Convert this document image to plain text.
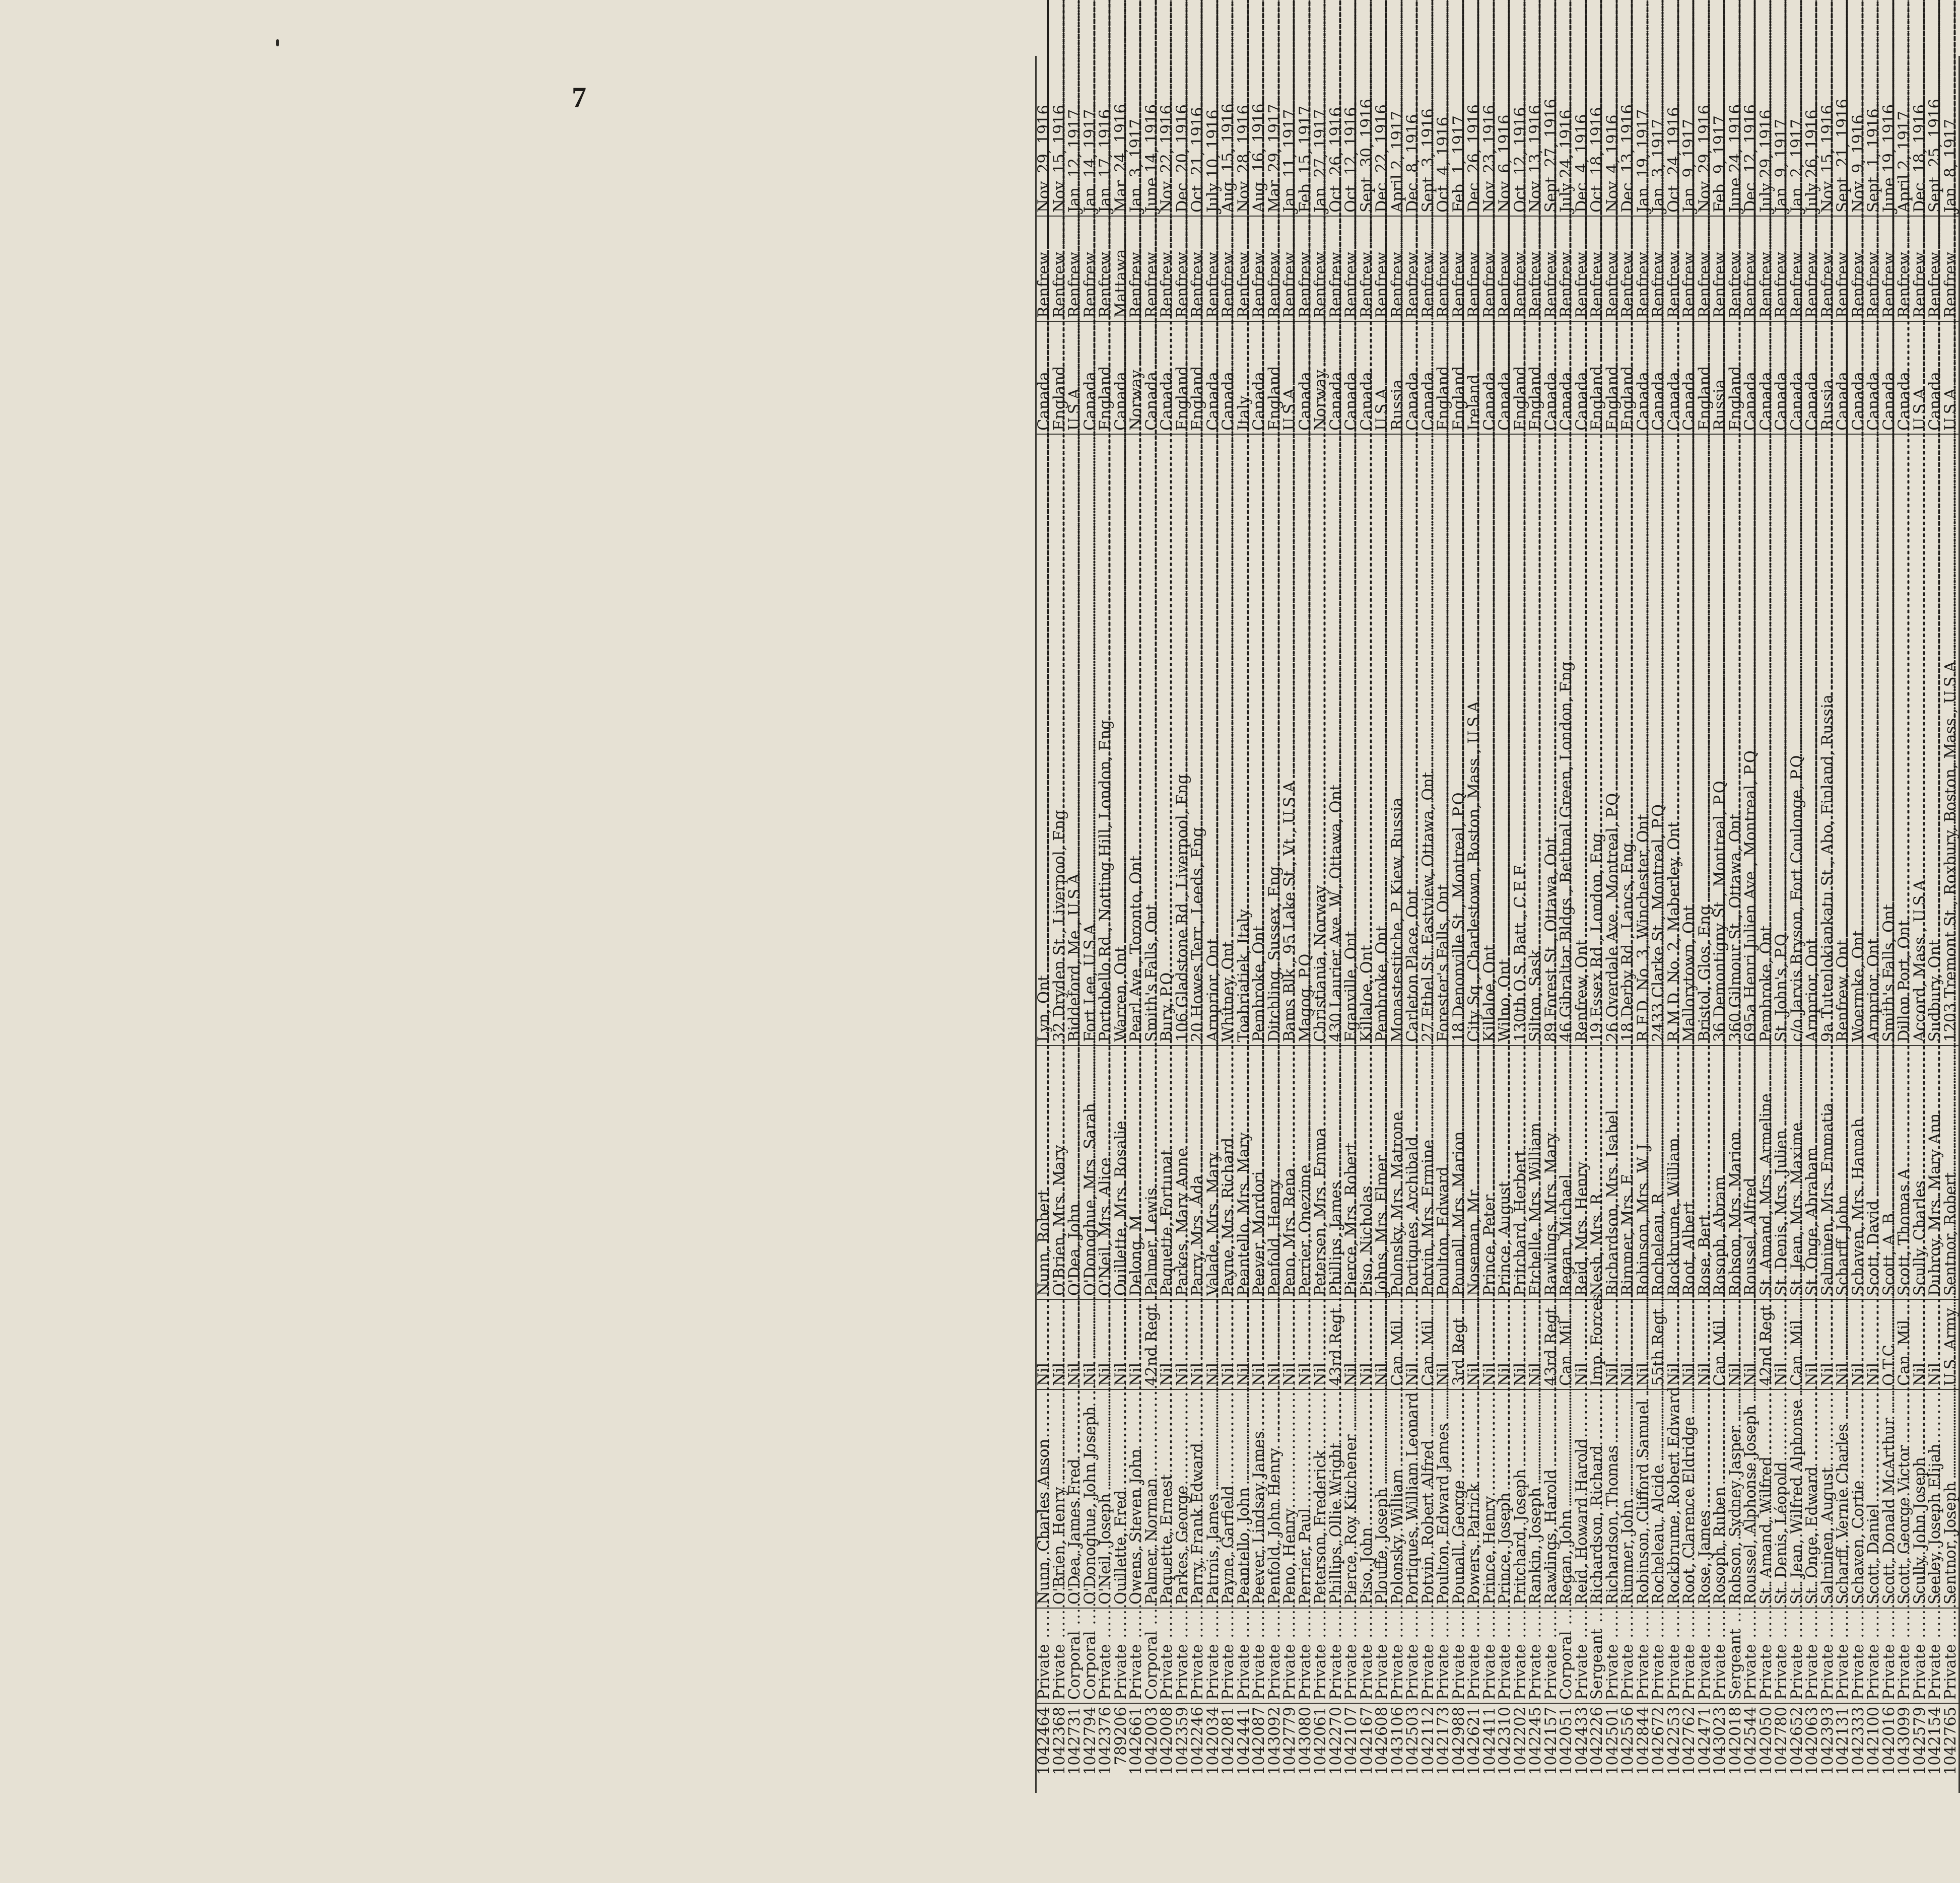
7
1042464	Private .....	Nunn, Charles Anson .....	Nil .....	Nunn, Robert .....	Lyn, Ont .....	Canada .....	Renfrew .....	Nov. 29, 1916.
1042368	Private .....	O'Brien, Henry .....	Nil .....	O'Brien, Mrs. Mary .....	32 Dryden St., Liverpool, Eng .....	England .....	Renfrew .....	Nov. 15, 1916.
1042731	Corporal .....	O'Dea, James Fred .....	Nil .....	O'Dea, John .....	Biddeford, Me., U.S.A .....	U.S.A .....	Renfrew .....	Jan. 12, 1917.
1042794	Corporal .....	O'Donoghue, John Joseph .....	Nil .....	O'Donoghue, Mrs. Sarah .....	Fort Lee, U.S.A .....	Canada .....	Renfrew .....	Jan. 14, 1917.
1042376	Private .....	O'Neil, Joseph .....	Nil .....	O'Neil, Mrs. Alice .....	Portobello Rd., Notting Hill, London, Eng .....	England .....	Renfrew .....	Jan. 17, 1916.
789206	Private .....	Ouillette, Fred .....	Nil .....	Ouillette, Mrs. Rosalie .....	Warren, Ont .....	Canada .....	Mattawa .....	Mar. 24, 1916.
1042661	Private .....	Owens, Steven John .....	Nil .....	Delong, M .....	Pearl Ave., Toronto, Ont .....	Norway .....	Renfrew .....	Jan. 3, 1917.
1042003	Corporal .....	Palmer, Norman .....	42nd Regt .....	Palmer, Lewis .....	Smith's Falls, Ont .....	Canada .....	Renfrew .....	June 14, 1916.
1042008	Private .....	Paquette, Ernest .....	Nil .....	Paquette, Fortunat .....	Bury, P.Q .....	Canada .....	Renfrew .....	Nov. 22, 1916.
1042359	Private .....	Parkes, George .....	Nil .....	Parkes, Mary Anne .....	106 Gladstone Rd., Liverpool, Eng .....	England .....	Renfrew .....	Dec. 20, 1916.
1042246	Private .....	Parry, Frank Edward .....	Nil .....	Parry, Mrs. Ada .....	20 Howes Terr., Leeds, Eng .....	England .....	Renfrew .....	Oct. 21, 1916.
1042034	Private .....	Patrois, James .....	Nil .....	Valade, Mrs. Mary .....	Arnprior, Ont .....	Canada .....	Renfrew .....	July 10, 1916.
1042081	Private .....	Payne, Garfield .....	Nil .....	Payne, Mrs. Richard .....	Whitney, Ont .....	Canada .....	Renfrew .....	Aug. 15, 1916.
1042441	Private .....	Peantello, John .....	Nil .....	Peantello, Mrs. Mary .....	Toabriatiek, Italy .....	Italy .....	Renfrew .....	Nov. 28, 1916.
1042087	Private .....	Peever, Lindsay James .....	Nil .....	Peever, Mordori .....	Pembroke, Ont .....	Canada .....	Renfrew .....	Aug. 16, 1916.
1043092	Private .....	Penfold, John Henry .....	Nil .....	Penfold, Henry .....	Ditchling, Sussex, Eng .....	England .....	Renfrew .....	Mar. 29, 1917.
1042779	Private .....	Peno, Henry .....	Nil .....	Peno, Mrs. Rena .....	Bams Blk., 95 Lake St., Vt., U.S.A .....	U.S.A .....	Renfrew .....	Jan. 11, 1917.
1043080	Private .....	Perrier, Paul .....	Nil .....	Perrier, Onezime .....	Magog, P.Q .....	Canada .....	Renfrew .....	Feb. 15, 1917.
1042061	Private .....	Peterson, Frederick .....	Nil .....	Petersen, Mrs. Emma .....	Christiania, Norway .....	Norway .....	Renfrew .....	Jan. 27, 1917.
1042270	Private .....	Phillips, Ollie Wright .....	43rd Regt .....	Phillips, James .....	430 Laurier Ave. W., Ottawa, Ont .....	Canada .....	Renfrew .....	Oct. 26, 1916.
1042107	Private .....	Pierce, Roy Kitchener .....	Nil .....	Pierce, Mrs. Robert .....	Eganville, Ont .....	Canada .....	Renfrew .....	Oct. 12, 1916.
1042167	Private .....	Piso, John .....	Nil .....	Piso, Nicholas .....	Killaloe, Ont .....	Canada .....	Renfrew .....	Sept. 30, 1916.
1042608	Private .....	Plouffe, Joseph .....	Nil .....	Johns, Mrs. Elmer .....	Pembroke, Ont .....	U.S.A .....	Renfrew .....	Dec. 22, 1916.
1043106	Private .....	Polonsky, William .....	Can. Mil .....	Polonsky, Mrs. Matrone .....	Monastestitche, P. Kiew, Russia .....	Russia .....	Renfrew .....	April 2, 1917.
1042503	Private .....	Portiques, William Leonard .....	Nil .....	Portiques, Archibald .....	Carleton Place, Ont .....	Canada .....	Renfrew .....	Dec. 8, 1916.
1042112	Private .....	Potvin, Robert Alfred .....	Can. Mil .....	Potvin, Mrs. Ermine .....	27 Ethel St. Eastview, Ottawa, Ont .....	Canada .....	Renfrew .....	Sept. 3, 1916.
1042173	Private .....	Poulton, Edward James .....	Nil .....	Poulton, Edward .....	Forester's Falls, Ont .....	England .....	Renfrew .....	Oct. 4, 1916.
1042988	Private .....	Pounall, George .....	3rd Regt .....	Pounall, Mrs. Marion .....	18 Denonville St., Montreal, P.Q .....	England .....	Renfrew .....	Feb. 1, 1917.
1042621	Private .....	Powers, Patrick .....	Nil .....	Noseman, Mr .....	City Sq., Charlestown, Boston, Mass., U.S.A .....	Ireland .....	Renfrew .....	Dec. 26, 1916.
1042411	Private .....	Prince, Henry .....	Nil .....	Prince, Peter .....	Killaloe, Ont .....	Canada .....	Renfrew .....	Nov. 23, 1916.
1042310	Private .....	Prince, Joseph .....	Nil .....	Prince, August .....	Wilno, Ont .....	Canada .....	Renfrew .....	Nov. 6, 1916.
1042202	Private .....	Pritchard, Joseph .....	Nil .....	Pritchard, Herbert .....	130th O.S. Batt., C.E.F .....	England .....	Renfrew .....	Oct. 12, 1916.
1042245	Private .....	Rankin, Joseph .....	Nil .....	Etchelle, Mrs. William .....	Silton, Sask .....	England .....	Renfrew .....	Nov. 13, 1916.
1042157	Private .....	Rawlings, Harold .....	43rd Regt .....	Rawlings, Mrs. Mary .....	89 Forest St., Ottawa, Ont .....	Canada .....	Renfrew .....	Sept. 27, 1916.
1042051	Corporal .....	Regan, John .....	Can. Mil .....	Regan, Michael .....	46 Gibraltar Bldgs., Bethnal Green, London, Eng .....	Canada .....	Renfrew .....	July 24, 1916.
1042433	Private .....	Reid, Howard Harold .....	Nil .....	Reid, Mrs. Henry .....	Renfrew, Ont .....	Canada .....	Renfrew .....	Dec. 4, 1916.
1042226	Sergeant .....	Richardson, Richard .....	Imp. Forces .....	Nesh, Mrs. R .....	19 Essex Rd., London, Eng .....	England .....	Renfrew .....	Oct. 18, 1916.
1042501	Private .....	Richardson, Thomas .....	Nil .....	Richardson, Mrs. Isabel .....	26 Overdale Ave., Montreal, P.Q .....	England .....	Renfrew .....	Nov. 4, 1916.
1042556	Private .....	Rimmer, John .....	Nil .....	Rimmer, Mrs. E .....	18 Derby Rd., Lancs, Eng .....	England .....	Renfrew .....	Dec. 13, 1916.
1042844	Private .....	Robinson, Clifford Samuel .....	Nil .....	Robinson, Mrs. W. J .....	R.F.D. No. 3, Winchester, Ont .....	Canada .....	Renfrew .....	Jan. 19, 1917.
1042672	Private .....	Rocheleau, Alcide .....	55th Regt .....	Rocheleau, R .....	2433 Clarke St., Montreal, P.Q .....	Canada .....	Renfrew .....	Jan. 3, 1917.
1042253	Private .....	Rockbrume, Robert Edward .....	Nil .....	Rockbrume, William .....	R.M.D. No. 2, Maberley, Ont .....	Canada .....	Renfrew .....	Oct. 24, 1916.
1042762	Private .....	Root, Clarence Eldridge .....	Nil .....	Root, Albert .....	Mallorytown, Ont .....	Canada .....	Renfrew .....	Jan. 9, 1917.
1042471	Private .....	Rose, James .....	Nil .....	Rose, Bert .....	Bristol, Glos, Eng .....	England .....	Renfrew .....	Nov. 29, 1916.
1043023	Private .....	Rosoph, Ruben .....	Can. Mil .....	Rosoph, Abram .....	36 Demontigny St., Montreal, P.Q .....	Russia .....	Renfrew .....	Feb. 9, 1917.
1042018	Sergeant .....	Robson, Sydney Jasper .....	Nil .....	Robson, Mrs. Marion .....	360 Gilmour St., Ottawa, Ont .....	England .....	Renfrew .....	June 24, 1916.
1042544	Private .....	Roussel, Alphonse Joseph .....	Nil .....	Roussel, Alfred .....	695a Henri Julien Ave., Montreal, P.Q .....	Canada .....	Renfrew .....	Dec. 12, 1916.
1042050	Private .....	St. Amand, Wilfred .....	42nd Regt .....	St. Amand, Mrs. Armeline .....	Pembroke, Ont .....	Canada .....	Renfrew .....	July 29, 1916.
1042780	Private .....	St. Denis, Léopold .....	Nil .....	St. Denis, Mrs. Julien .....	St. John's, P.Q .....	Canada .....	Renfrew .....	Jan. 9, 1917.
1042652	Private .....	St. Jean, Wilfred Alphonse .....	Can. Mil .....	St. Jean, Mrs. Maxime .....	c/o Jarvis Bryson, Fort Coulonge, P.Q .....	Canada .....	Renfrew .....	Jan. 2, 1917.
1042063	Private .....	St. Onge, Edward .....	Nil .....	St. Onge, Abraham .....	Arnprior, Ont .....	Canada .....	Renfrew .....	July 26, 1916.
1042393	Private .....	Salminen, August .....	Nil .....	Salminen, Mrs. Emmatia .....	9a Tutenlokiankatu St., Abo, Finland, Russia .....	Russia .....	Renfrew .....	Nov. 15, 1916.
1042131	Private .....	Scharff, Vernie Charles .....	Nil .....	Scharff, John .....	Renfrew, Ont .....	Canada .....	Renfrew .....	Sept. 21, 1916.
1042333	Private .....	Schaven, Cortie .....	Nil .....	Schaven, Mrs. Hannah .....	Woermke, Ont .....	Canada .....	Renfrew .....	Nov. 9, 1916.
1042100	Private .....	Scott, Daniel .....	Nil .....	Scott, David .....	Arnprior, Ont .....	Canada .....	Renfrew .....	Sept. 1, 1916.
1042016	Private .....	Scott, Donald McArthur .....	O.T.C .....	Scott, A. B .....	Smith's Falls, Ont .....	Canada .....	Renfrew .....	June 19, 1916.
1043099	Private .....	Scott, George Victor .....	Can. Mil .....	Scott, Thomas A .....	Dillon Port, Ont .....	Canada .....	Renfrew .....	April 2, 1917.
1042579	Private .....	Scully, John Joseph .....	Nil .....	Scully, Charles .....	Accord, Mass., U.S.A .....	U.S.A .....	Renfrew .....	Dec. 18, 1916.
1042154	Private .....	Seeley, Joseph Elijah .....	Nil .....	Dubroy, Mrs. Mary Ann .....	Sudbury, Ont .....	Canada .....	Renfrew .....	Sept. 25, 1916.
1042765	Private .....	Sentnor, Joseph .....	U.S. Army .....	Sentnor, Robert .....	1203 Tremont St., Roxbury, Boston, Mass., U.S.A .....	U.S.A .....	Renfrew .....	Jan. 8, 1917.
